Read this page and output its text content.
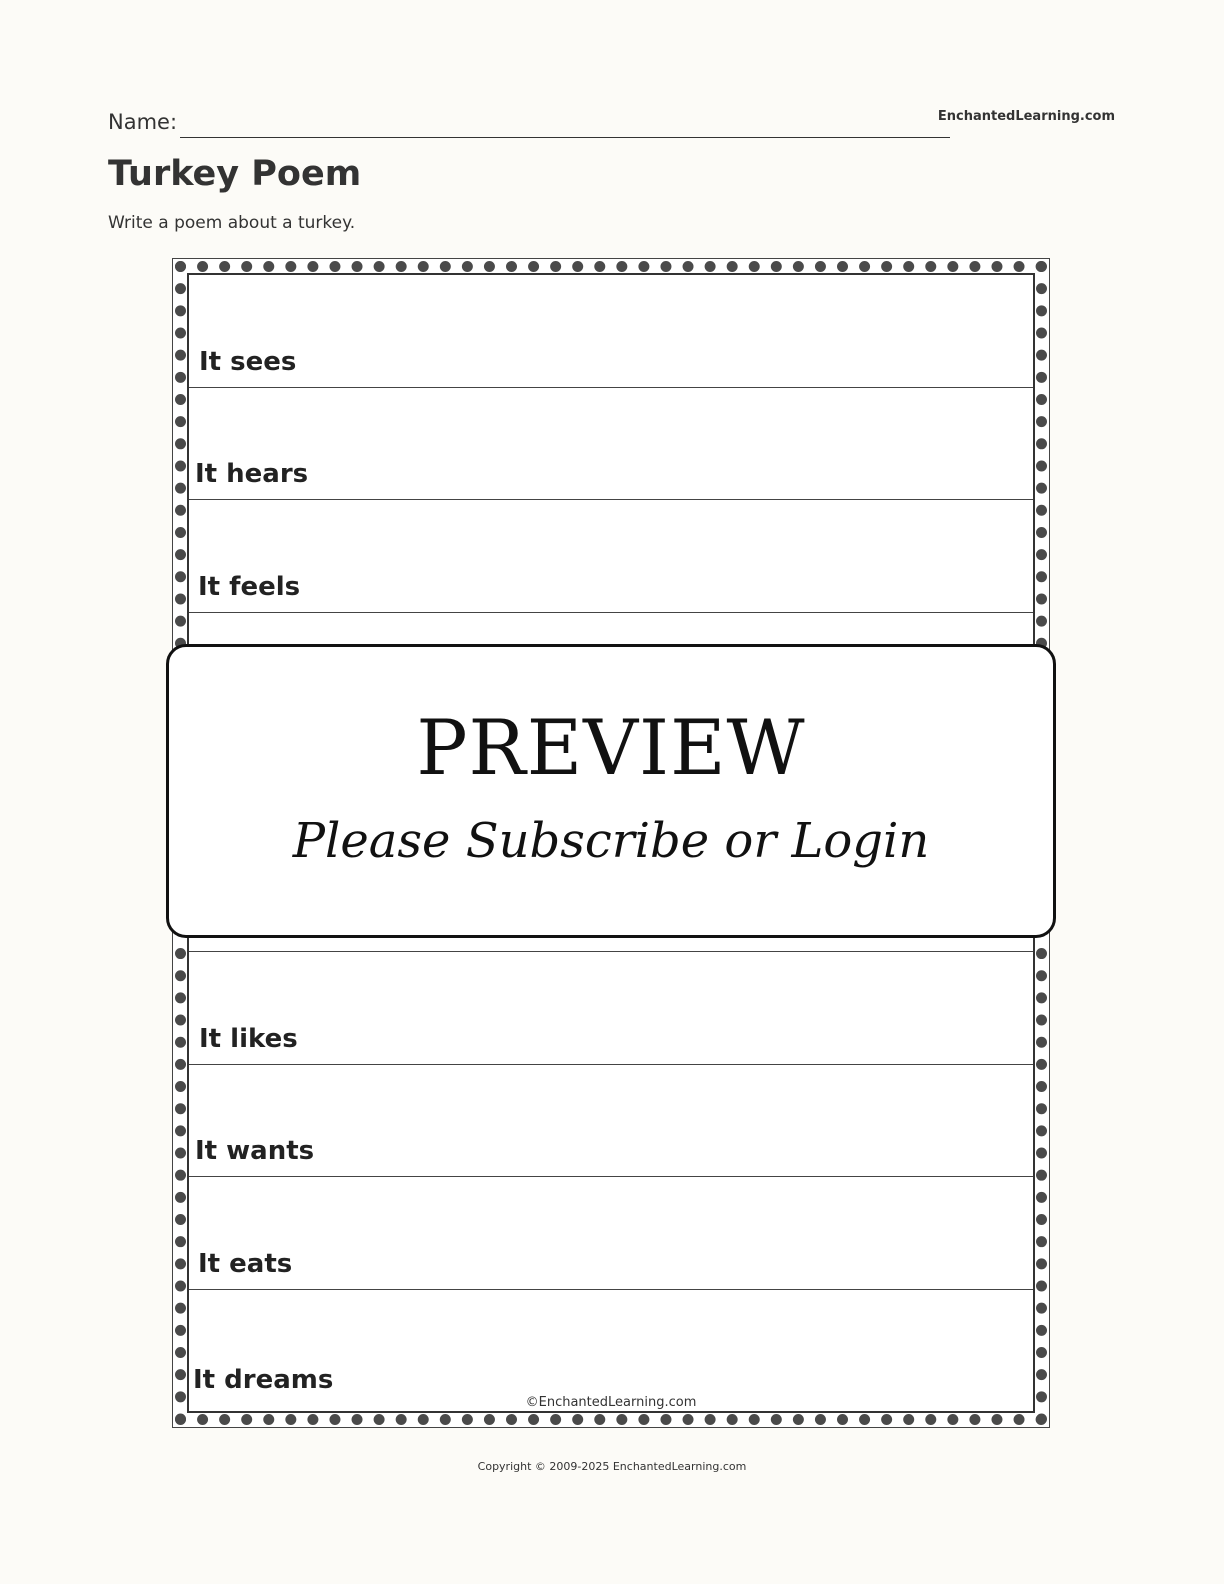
Name:	EnchantedLearning.com
Turkey Poem
Write a poem about a turkey.
It sees
It hears
It feels
It likes
It wants
It eats
It dreams
©EnchantedLearning.com
PREVIEW
Please Subscribe or Login
Copyright © 2009-2025 EnchantedLearning.com
